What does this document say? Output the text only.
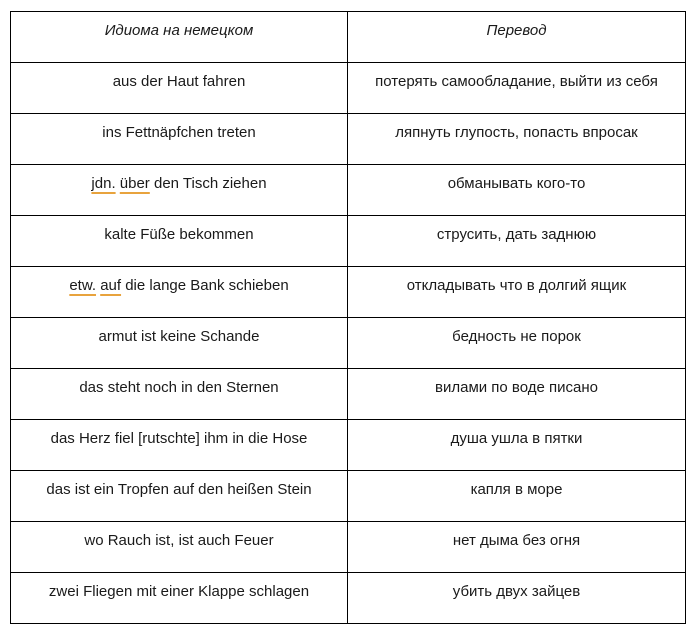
Идиома на немецком	Перевод

aus der Haut fahren	потерять самообладание, выйти из себя

ins Fettnäpfchen treten	ляпнуть глупость, попасть впросак

jdn. über den Tisch ziehen	обманывать кого-то

kalte Füße bekommen	струсить, дать заднюю

etw. auf die lange Bank schieben	откладывать что в долгий ящик

armut ist keine Schande	бедность не порок

das steht noch in den Sternen	вилами по воде писано

das Herz fiel [rutschte] ihm in die Hose	душа ушла в пятки

das ist ein Tropfen auf den heißen Stein	капля в море

wo Rauch ist, ist auch Feuer	нет дыма без огня

zwei Fliegen mit einer Klappe schlagen	убить двух зайцев
